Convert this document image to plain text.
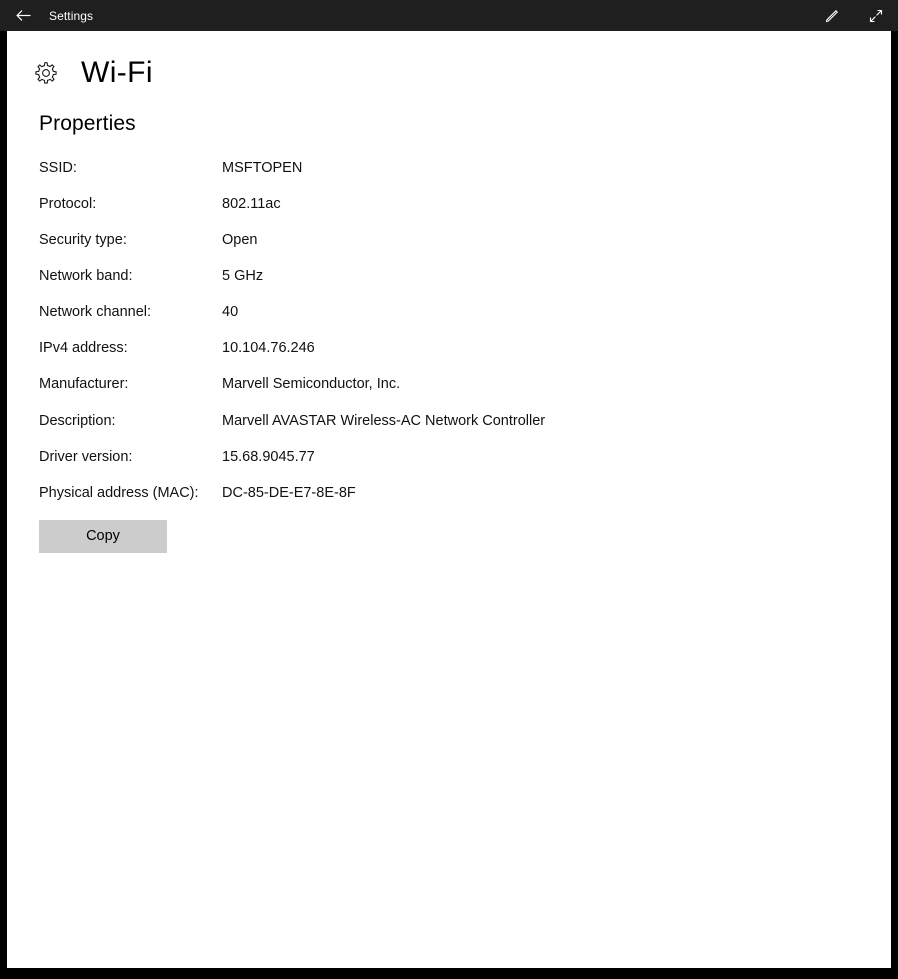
Settings
Wi-Fi
Properties
SSID:	MSFTOPEN
Protocol:	802.11ac
Security type:	Open
Network band:	5 GHz
Network channel:	40
IPv4 address:	10.104.76.246
Manufacturer:	Marvell Semiconductor, Inc.
Description:	Marvell AVASTAR Wireless-AC Network Controller
Driver version:	15.68.9045.77
Physical address (MAC):	DC-85-DE-E7-8E-8F
Copy
